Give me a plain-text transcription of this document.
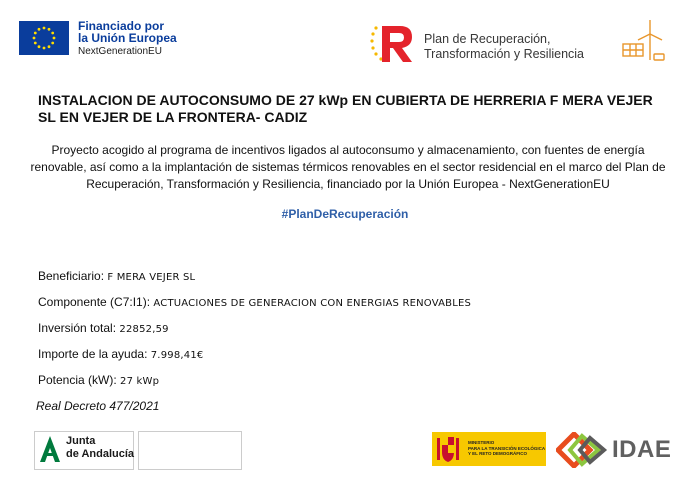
Financiado por
la Unión Europea
NextGenerationEU
Plan de Recuperación,
Transformación y Resiliencia
INSTALACION DE AUTOCONSUMO DE 27 kWp EN CUBIERTA DE HERRERIA F MERA VEJER SL EN VEJER DE LA FRONTERA- CADIZ
Proyecto acogido al programa de incentivos ligados al autoconsumo y almacenamiento, con fuentes de energía renovable, así como a la implantación de sistemas térmicos renovables en el sector residencial en el marco del Plan de Recuperación, Transformación y Resiliencia, financiado por la Unión Europea - NextGenerationEU
#PlanDeRecuperación
Beneficiario: F MERA VEJER SL
Componente (C7:I1): ACTUACIONES DE GENERACION CON ENERGIAS RENOVABLES
Inversión total: 22852,59
Importe de la ayuda: 7.998,41€
Potencia (kW): 27 kWp
Real Decreto 477/2021
Junta
de Andalucía
MINISTERIO
PARA LA TRANSICIÓN ECOLÓGICA
Y EL RETO DEMOGRÁFICO	IDAE
